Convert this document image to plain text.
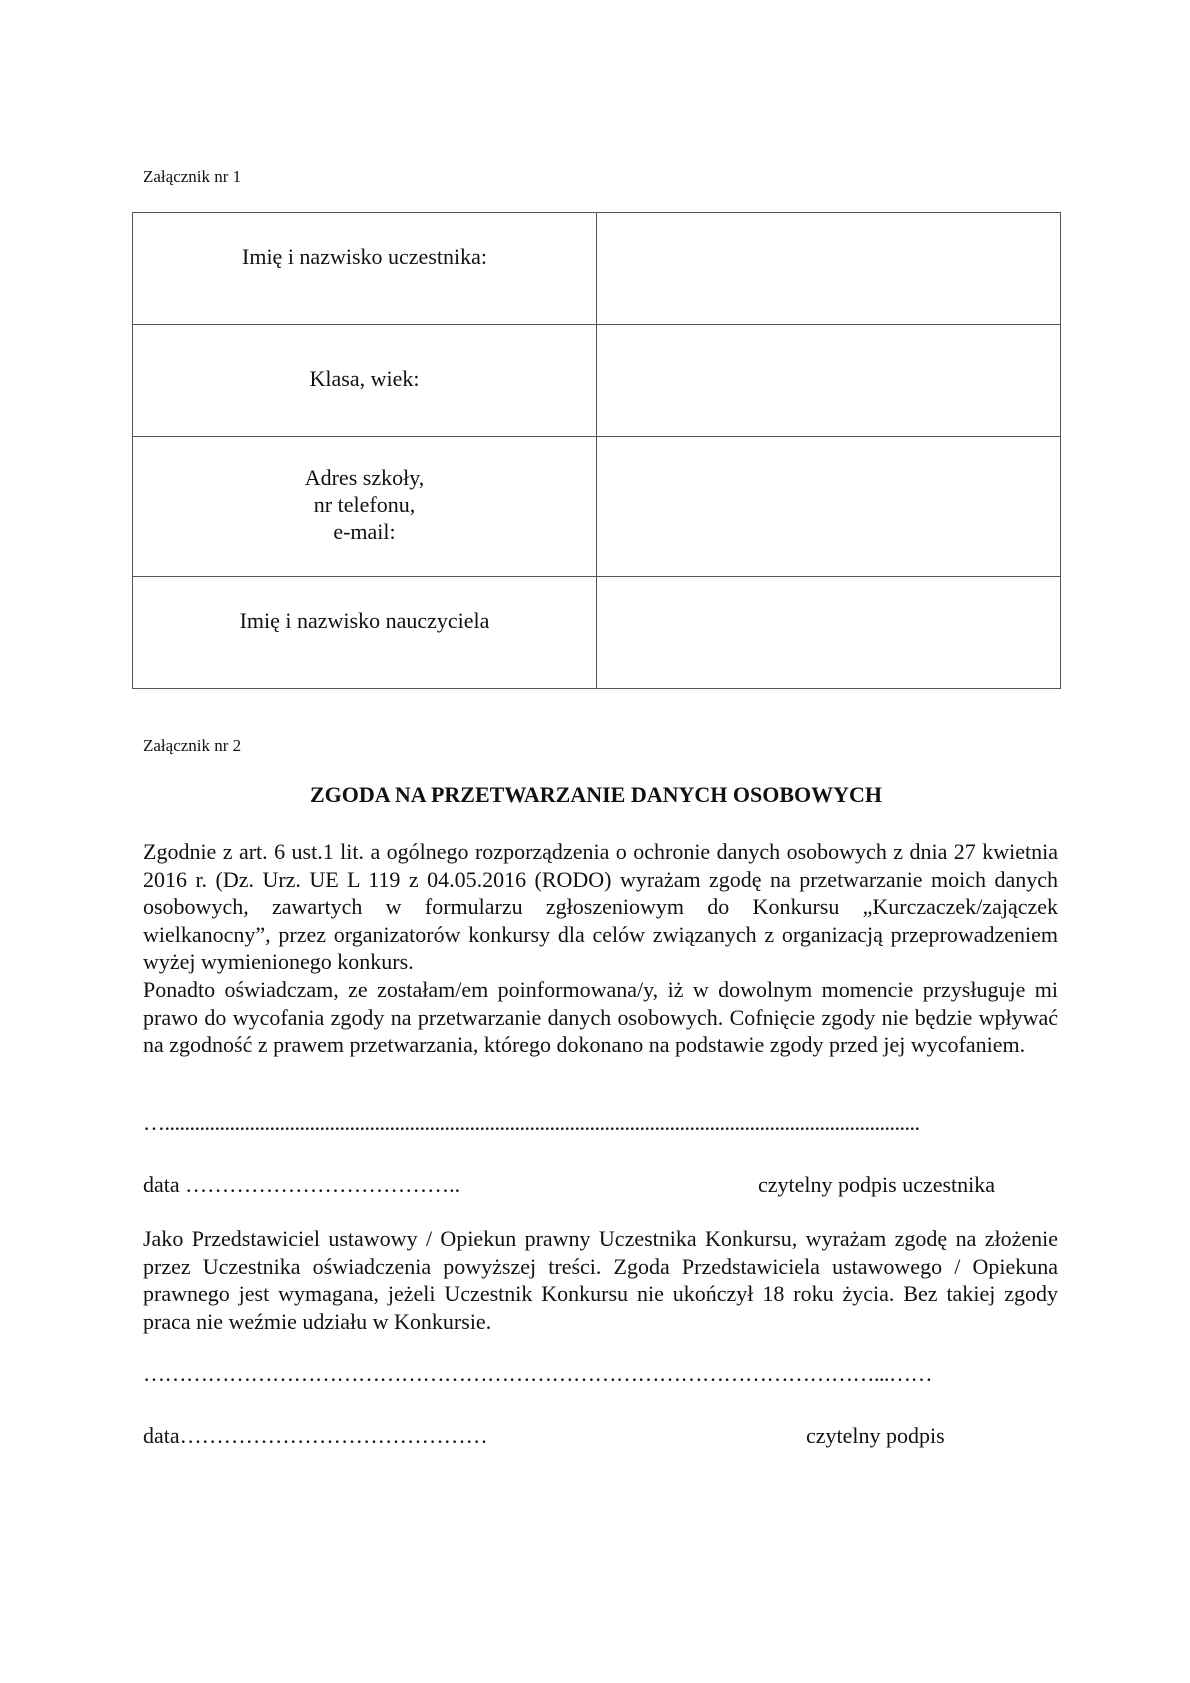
Załącznik nr 1
Imię i nazwisko uczestnika:	

Klasa, wiek:	

Adres szkoły,
nr telefonu,
e-mail:	

Imię i nazwisko nauczyciela	

Załącznik nr 2
ZGODA NA PRZETWARZANIE DANYCH OSOBOWYCH
Zgodnie z art. 6 ust.1 lit. a ogólnego rozporządzenia o ochronie danych osobowych z dnia 27 kwietnia 2016 r. (Dz. Urz. UE L 119 z 04.05.2016 (RODO) wyrażam zgodę na przetwarzanie moich danych osobowych, zawartych w formularzu zgłoszeniowym do Konkursu „Kurczaczek/zajączek wielkanocny”, przez organizatorów konkursy dla celów związanych z organizacją przeprowadzeniem wyżej wymienionego konkurs.
Ponadto oświadczam, ze zostałam/em poinformowana/y, iż w dowolnym momencie przysługuje mi prawo do wycofania zgody na przetwarzanie danych osobowych. Cofnięcie zgody nie będzie wpływać na zgodność z prawem przetwarzania, którego dokonano na podstawie zgody przed jej wycofaniem.
….......................................................................................................................................................
data ………………………………..	czytelny podpis uczestnika
Jako Przedstawiciel ustawowy / Opiekun prawny Uczestnika Konkursu, wyrażam zgodę na złożenie przez Uczestnika oświadczenia powyższej treści. Zgoda Przedstawiciela ustawowego / Opiekuna prawnego jest wymagana, jeżeli Uczestnik Konkursu nie ukończył 18 roku życia. Bez takiej zgody praca nie weźmie udziału w Konkursie.
…………………………………………………………………………………………...……
data……………………………………	czytelny podpis
